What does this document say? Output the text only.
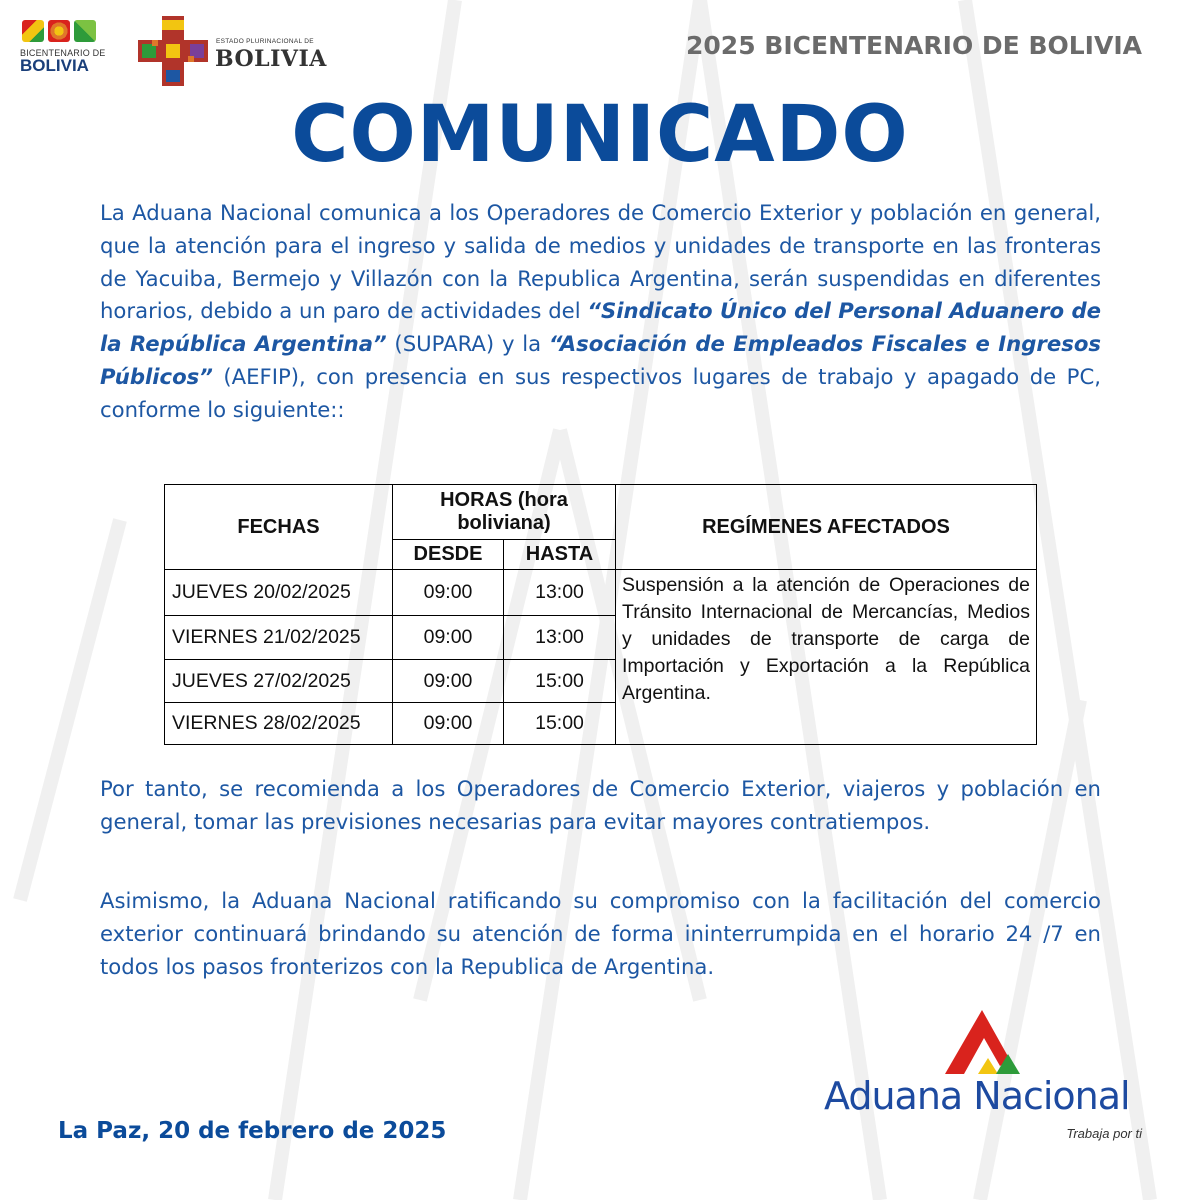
BICENTENARIO DE
BOLIVIA
ESTADO PLURINACIONAL DE
BOLIVIA	2025 BICENTENARIO DE BOLIVIA
COMUNICADO

La Aduana Nacional comunica a los Operadores de Comercio Exterior y población en general, que la atención para el ingreso y salida de medios y unidades de transporte en las fronteras de Yacuiba, Bermejo y Villazón con la Republica Argentina, serán suspendidas en diferentes horarios, debido a un paro de actividades del “Sindicato Único del Personal Aduanero de la República Argentina” (SUPARA) y la “Asociación de Empleados Fiscales e Ingresos Públicos” (AEFIP), con presencia en sus respectivos lugares de trabajo y apagado de PC, conforme lo siguiente::

FECHAS	HORAS (hora boliviana)		REGÍMENES AFECTADOS
	DESDE	HASTA	
JUEVES 20/02/2025	09:00	13:00	Suspensión a la atención de Operaciones de Tránsito Internacional de Mercancías, Medios y unidades de transporte de carga de Importación y Exportación a la República Argentina.
VIERNES 21/02/2025	09:00	13:00	
JUEVES 27/02/2025	09:00	15:00	
VIERNES 28/02/2025	09:00	15:00	

Por tanto, se recomienda a los Operadores de Comercio Exterior, viajeros y población en general, tomar las previsiones necesarias para evitar mayores contratiempos.

Asimismo, la Aduana Nacional ratificando su compromiso con la facilitación del comercio exterior continuará brindando su atención de forma ininterrumpida en el horario 24 /7 en todos los pasos fronterizos con la Republica de Argentina.

La Paz, 20 de febrero de 2025
Aduana Nacional
Trabaja por ti
